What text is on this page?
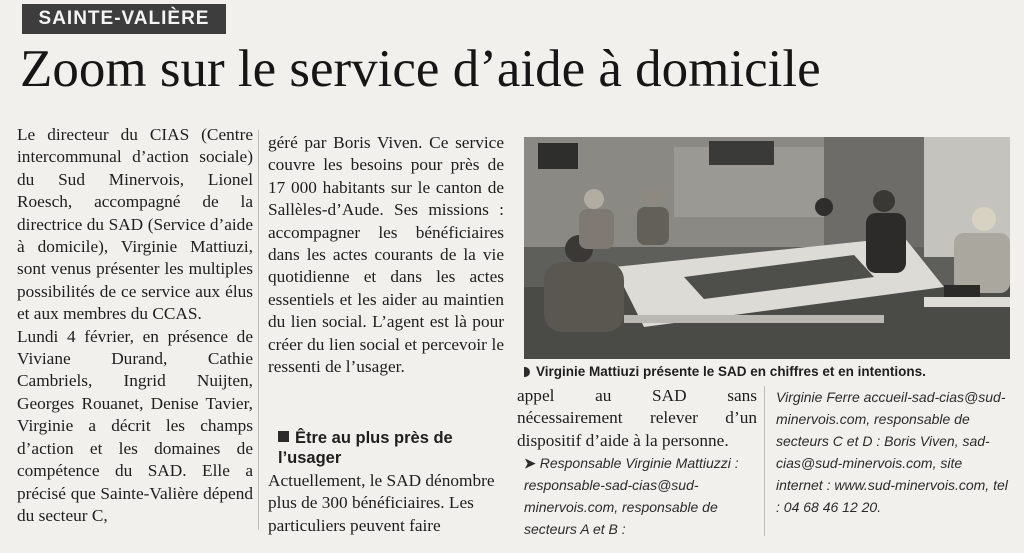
SAINTE-VALIÈRE
Zoom sur le service d’aide à domicile

Le directeur du CIAS (Centre intercommunal d’action sociale) du Sud Minervois, Lionel Roesch, accompagné de la directrice du SAD (Service d’aide à domicile), Virginie Mattiuzi, sont venus présenter les multiples possibilités de ce service aux élus et aux membres du CCAS.

Lundi 4 février, en présence de Viviane Durand, Cathie Cambriels, Ingrid Nuijten, Georges Rouanet, Denise Tavier, Virginie a décrit les champs d’action et les domaines de compétence du SAD. Elle a précisé que Sainte-Valière dépend du secteur C,

géré par Boris Viven. Ce service couvre les besoins pour près de 17 000 habitants sur le canton de Sallèles-d’Aude. Ses missions : accompagner les bénéficiaires dans les actes courants de la vie quotidienne et dans les actes essentiels et les aider au maintien du lien social. L’agent est là pour créer du lien social et percevoir le ressenti de l’usager.

Être au plus près de l’usager

Actuellement, le SAD dénombre plus de 300 bénéficiaires. Les particuliers peuvent faire

Virginie Mattiuzi présente le SAD en chiffres et en intentions.

appel au SAD sans nécessairement relever d’un dispositif d’aide à la personne.

➤ Responsable Virginie Mattiuzzi : responsable-sad-cias@sud-minervois.com, responsable de secteurs A et B :
Virginie Ferre accueil-sad-cias@sud-minervois.com, responsable de secteurs C et D : Boris Viven, sad-cias@sud-minervois.com, site internet : www.sud-minervois.com, tel : 04 68 46 12 20.
